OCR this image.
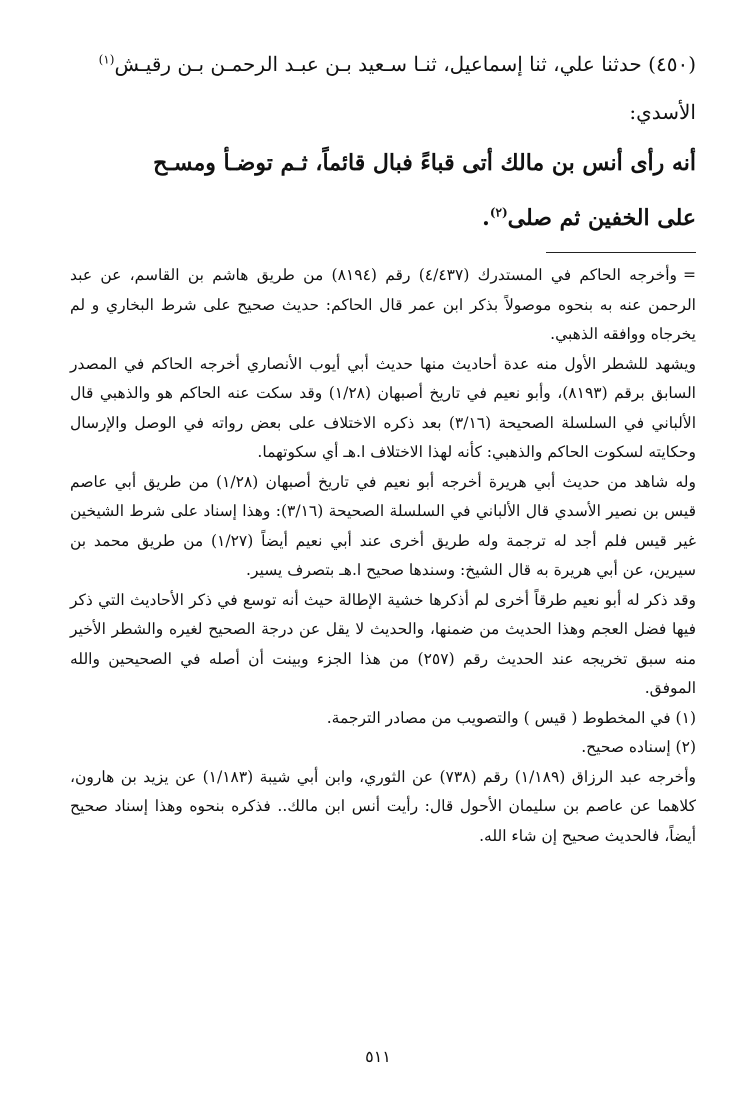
(٤٥٠) حدثنا علي، ثنا إسماعيل، ثنـا سـعيد بـن عبـد الرحمـن بـن رقيـش$^{(١)}$

الأسدي:

أنه رأى أنس بن مالك أتى قباءً فبال قائماً، ثـم توضـأ ومسـح

على الخفين ثم صلى$^{(٢)}$.

=وأخرجه الحاكم في المستدرك (٤/٤٣٧) رقم (٨١٩٤) من طريق هاشم بن القاسم، عن عبد الرحمن عنه به بنحوه موصولاً بذكر ابن عمر قال الحاكم: حديث صحيح على شرط البخاري و لم يخرجاه ووافقه الذهبي.

ويشهد للشطر الأول منه عدة أحاديث منها حديث أبي أيوب الأنصاري أخرجه الحاكم في المصدر السابق برقم (٨١٩٣)، وأبو نعيم في تاريخ أصبهان (١/٢٨) وقد سكت عنه الحاكم هو والذهبي قال الألباني في السلسلة الصحيحة (٣/١٦) بعد ذكره الاختلاف على بعض رواته في الوصل والإرسال وحكايته لسكوت الحاكم والذهبي: كأنه لهذا الاختلاف ا.هـ أي سكوتهما.

وله شاهد من حديث أبي هريرة أخرجه أبو نعيم في تاريخ أصبهان (١/٢٨) من طريق أبي عاصم قيس بن نصير الأسدي قال الألباني في السلسلة الصحيحة (٣/١٦): وهذا إسناد على شرط الشيخين غير قيس فلم أجد له ترجمة وله طريق أخرى عند أبي نعيم أيضاً (١/٢٧) من طريق محمد بن سيرين، عن أبي هريرة به قال الشيخ: وسندها صحيح ا.هـ بتصرف يسير.

وقد ذكر له أبو نعيم طرقاً أخرى لم أذكرها خشية الإطالة حيث أنه توسع في ذكر الأحاديث التي ذكر فيها فضل العجم وهذا الحديث من ضمنها، والحديث لا يقل عن درجة الصحيح لغيره والشطر الأخير منه سبق تخريجه عند الحديث رقم (٢٥٧) من هذا الجزء وبينت أن أصله في الصحيحين والله الموفق.

(١) في المخطوط ( قيس ) والتصويب من مصادر الترجمة.

(٢) إسناده صحيح.

وأخرجه عبد الرزاق (١/١٨٩) رقم (٧٣٨) عن الثوري، وابن أبي شيبة (١/١٨٣) عن يزيد بن هارون، كلاهما عن عاصم بن سليمان الأحول قال: رأيت أنس ابن مالك.. فذكره بنحوه وهذا إسناد صحيح أيضاً، فالحديث صحيح إن شاء الله.

٥١١
